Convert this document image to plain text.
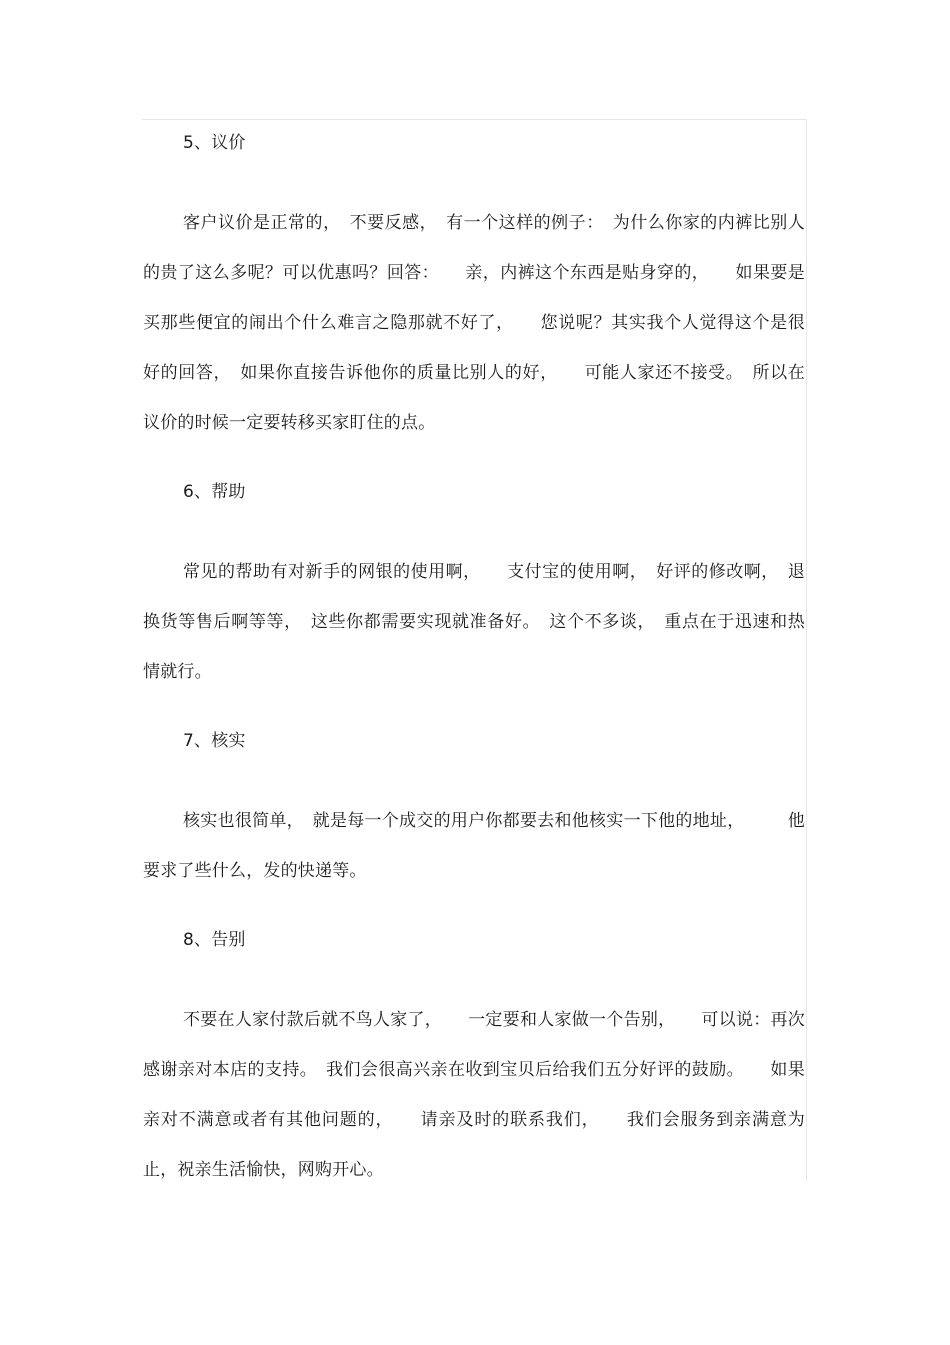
5、议价

客户议价是正常的，　不要反感，　有一个这样的例子：　为什么你家的内裤比别人的贵了这么多呢？可以优惠吗？回答：　　亲，内裤这个东西是贴身穿的，　　如果要是买那些便宜的闹出个什么难言之隐那就不好了，　　您说呢？其实我个人觉得这个是很好的回答，　如果你直接告诉他你的质量比别人的好，　　可能人家还不接受。　所以在议价的时候一定要转移买家盯住的点。

6、帮助

常见的帮助有对新手的网银的使用啊，　　支付宝的使用啊，　好评的修改啊，　退换货等售后啊等等，　这些你都需要实现就准备好。　这个不多谈，　重点在于迅速和热情就行。

7、核实

核实也很简单，　就是每一个成交的用户你都要去和他核实一下他的地址，　　　他要求了些什么，发的快递等。

8、告别

不要在人家付款后就不鸟人家了，　　一定要和人家做一个告别，　　可以说：再次感谢亲对本店的支持。　我们会很高兴亲在收到宝贝后给我们五分好评的鼓励。　　如果亲对不满意或者有其他问题的，　　请亲及时的联系我们，　　我们会服务到亲满意为止，祝亲生活愉快，网购开心。
